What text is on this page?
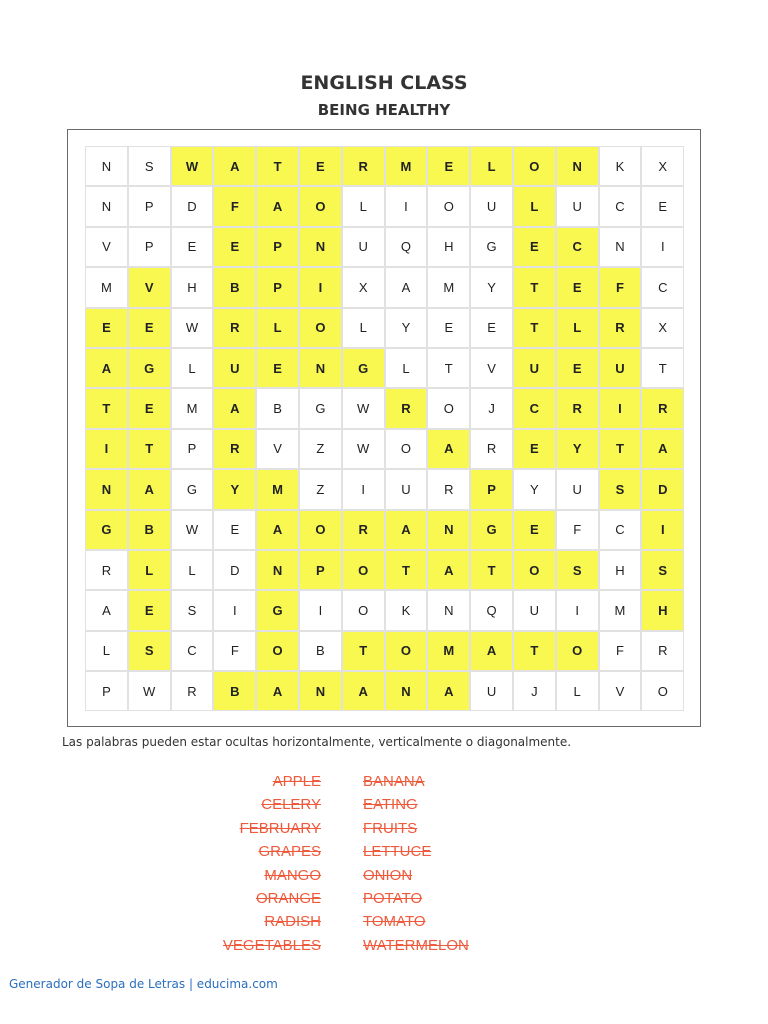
ENGLISH CLASS
BEING HEALTHY
N	S	W	A	T	E	R	M	E	L	O	N	K	X
N	P	D	F	A	O	L	I	O	U	L	U	C	E
V	P	E	E	P	N	U	Q	H	G	E	C	N	I
M	V	H	B	P	I	X	A	M	Y	T	E	F	C
E	E	W	R	L	O	L	Y	E	E	T	L	R	X
A	G	L	U	E	N	G	L	T	V	U	E	U	T
T	E	M	A	B	G	W	R	O	J	C	R	I	R
I	T	P	R	V	Z	W	O	A	R	E	Y	T	A
N	A	G	Y	M	Z	I	U	R	P	Y	U	S	D
G	B	W	E	A	O	R	A	N	G	E	F	C	I
R	L	L	D	N	P	O	T	A	T	O	S	H	S
A	E	S	I	G	I	O	K	N	Q	U	I	M	H
L	S	C	F	O	B	T	O	M	A	T	O	F	R
P	W	R	B	A	N	A	N	A	U	J	L	V	O
Las palabras pueden estar ocultas horizontalmente, verticalmente o diagonalmente.
APPLE
CELERY
FEBRUARY
GRAPES
MANGO
ORANGE
RADISH
VEGETABLES
BANANA
EATING
FRUITS
LETTUCE
ONION
POTATO
TOMATO
WATERMELON
Generador de Sopa de Letras | educima.com
